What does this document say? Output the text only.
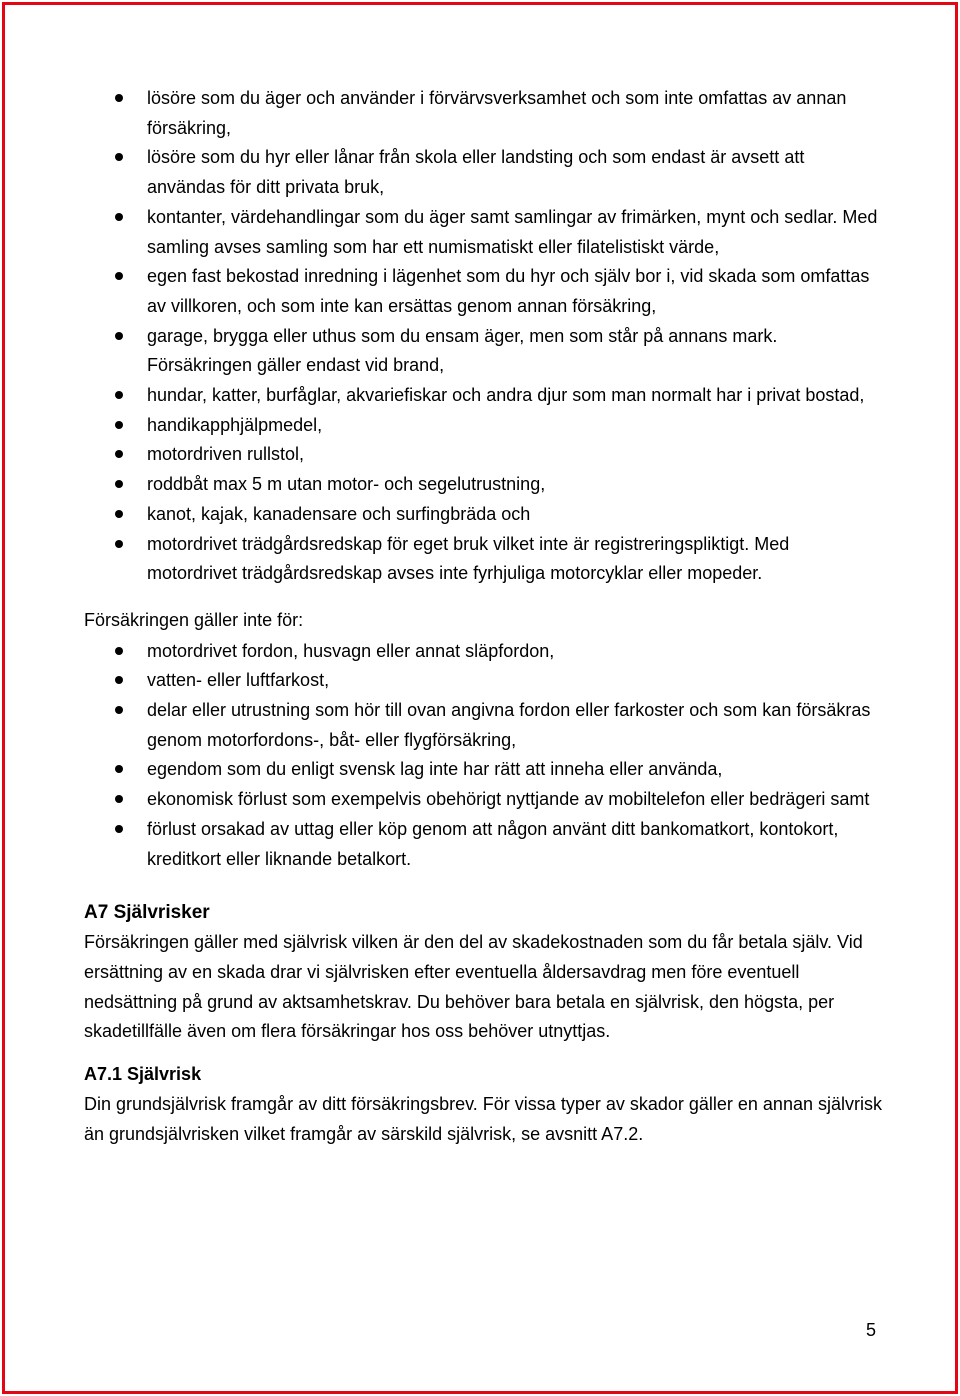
lösöre som du äger och använder i förvärvsverksamhet och som inte omfattas av annan försäkring,
lösöre som du hyr eller lånar från skola eller landsting och som endast är avsett att användas för ditt privata bruk,
kontanter, värdehandlingar som du äger samt samlingar av frimärken, mynt och sedlar. Med samling avses samling som har ett numismatiskt eller filatelistiskt värde,
egen fast bekostad inredning i lägenhet som du hyr och själv bor i, vid skada som omfattas av villkoren, och som inte kan ersättas genom annan försäkring,
garage, brygga eller uthus som du ensam äger, men som står på annans mark.
Försäkringen gäller endast vid brand,
hundar, katter, burfåglar, akvariefiskar och andra djur som man normalt har i privat bostad,
handikapphjälpmedel,
motordriven rullstol,
roddbåt max 5 m utan motor- och segelutrustning,
kanot, kajak, kanadensare och surfingbräda och
motordrivet trädgårdsredskap för eget bruk vilket inte är registreringspliktigt. Med motordrivet trädgårdsredskap avses inte fyrhjuliga motorcyklar eller mopeder.

Försäkringen gäller inte för:

motordrivet fordon, husvagn eller annat släpfordon,
vatten- eller luftfarkost,
delar eller utrustning som hör till ovan angivna fordon eller farkoster och som kan försäkras genom motorfordons-, båt- eller flygförsäkring,
egendom som du enligt svensk lag inte har rätt att inneha eller använda,
ekonomisk förlust som exempelvis obehörigt nyttjande av mobiltelefon eller bedrägeri samt
förlust orsakad av uttag eller köp genom att någon använt ditt bankomatkort, kontokort, kreditkort eller liknande betalkort.
A7 Självrisker

Försäkringen gäller med självrisk vilken är den del av skadekostnaden som du får betala själv. Vid ersättning av en skada drar vi självrisken efter eventuella åldersavdrag men före eventuell nedsättning på grund av aktsamhetskrav. Du behöver bara betala en självrisk, den högsta, per skadetillfälle även om flera försäkringar hos oss behöver utnyttjas.

A7.1 Självrisk

Din grundsjälvrisk framgår av ditt försäkringsbrev. För vissa typer av skador gäller en annan självrisk än grundsjälvrisken vilket framgår av särskild självrisk, se avsnitt A7.2.

5
